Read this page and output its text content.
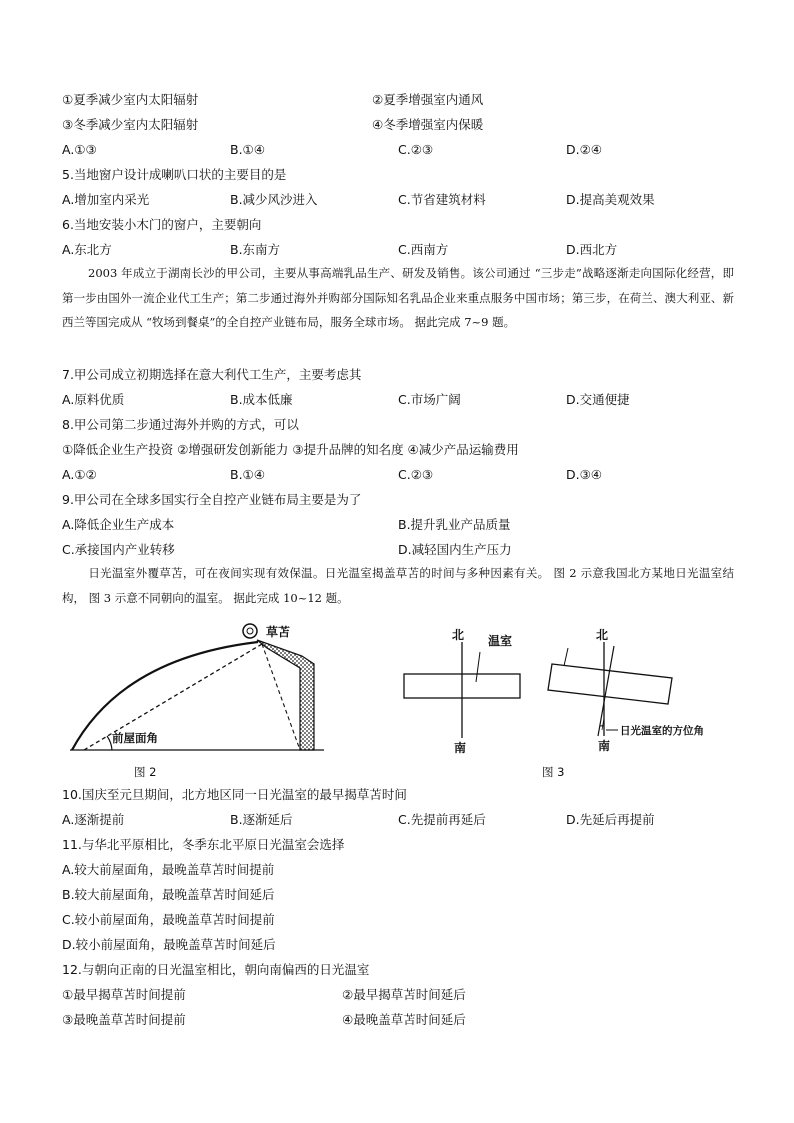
①夏季减少室内太阳辐射	②夏季增强室内通风
③冬季减少室内太阳辐射	④冬季增强室内保暖
A.①③	B.①④	C.②③	D.②④
5.当地窗户设计成喇叭口状的主要目的是
A.增加室内采光	B.减少风沙进入	C.节省建筑材料	D.提高美观效果
6.当地安装小木门的窗户，主要朝向
A.东北方	B.东南方	C.西南方	D.西北方
2003 年成立于湖南长沙的甲公司，主要从事高端乳品生产、研发及销售。该公司通过 “三步走”战略逐渐走向国际化经营，即第一步由国外一流企业代工生产；第二步通过海外并购部分国际知名乳品企业来重点服务中国市场；第三步，在荷兰、澳大利亚、新西兰等国完成从 “牧场到餐桌”的全自控产业链布局，服务全球市场。 据此完成 7~9 题。
7.甲公司成立初期选择在意大利代工生产，主要考虑其
A.原料优质	B.成本低廉	C.市场广阔	D.交通便捷
8.甲公司第二步通过海外并购的方式，可以
①降低企业生产投资 ②增强研发创新能力 ③提升品牌的知名度 ④减少产品运输费用
A.①②	B.①④	C.②③	D.③④
9.甲公司在全球多国实行全自控产业链布局主要是为了
A.降低企业生产成本	B.提升乳业产品质量
C.承接国内产业转移	D.减轻国内生产压力
日光温室外覆草苫，可在夜间实现有效保温。日光温室揭盖草苫的时间与多种因素有关。 图 2 示意我国北方某地日光温室结构， 图 3 示意不同朝向的温室。 据此完成 10~12 题。
草苫
前屋面角
图 2
北
南
温室	北
南
日光温室的方位角
图 3
10.国庆至元旦期间，北方地区同一日光温室的最早揭草苫时间
A.逐渐提前	B.逐渐延后	C.先提前再延后	D.先延后再提前
11.与华北平原相比，冬季东北平原日光温室会选择
A.较大前屋面角，最晚盖草苫时间提前
B.较大前屋面角，最晚盖草苫时间延后
C.较小前屋面角，最晚盖草苫时间提前
D.较小前屋面角，最晚盖草苫时间延后
12.与朝向正南的日光温室相比，朝向南偏西的日光温室
①最早揭草苫时间提前	②最早揭草苫时间延后
③最晚盖草苫时间提前	④最晚盖草苫时间延后
